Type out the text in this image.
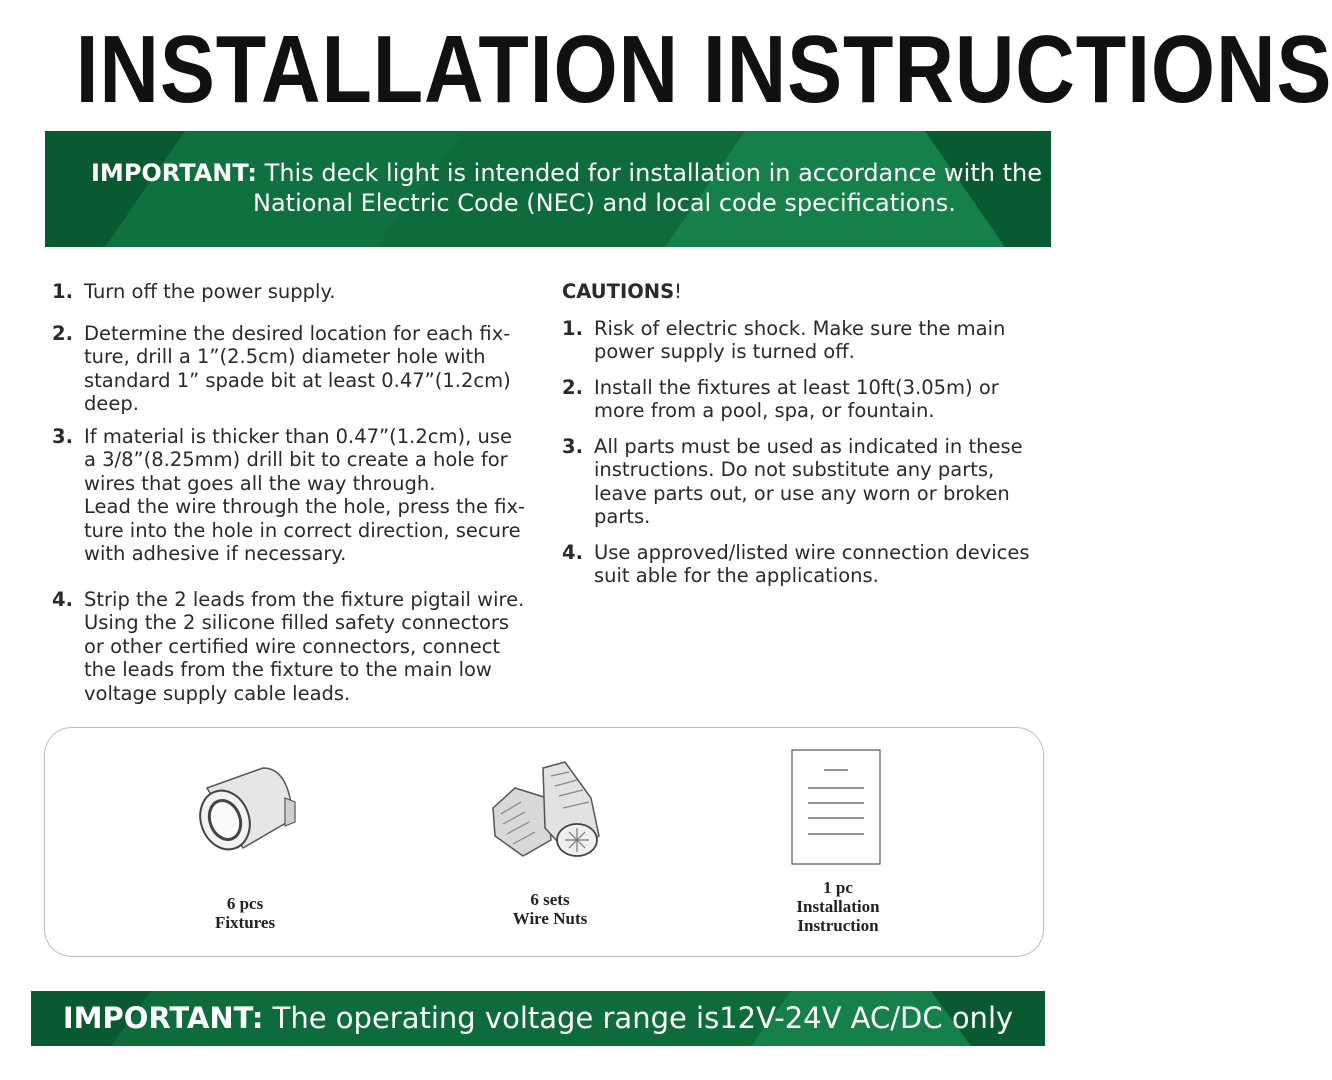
INSTALLATION INSTRUCTIONS
IMPORTANT: This deck light is intended for installation in accordance with the
National Electric Code (NEC) and local code specifications.
1. Turn off the power supply.
2. Determine the desired location for each fix-
ture, drill a 1”(2.5cm) diameter hole with
standard 1” spade bit at least 0.47”(1.2cm)
deep.
3. If material is thicker than 0.47”(1.2cm), use
a 3/8”(8.25mm) drill bit to create a hole for
wires that goes all the way through.
Lead the wire through the hole, press the fix-
ture into the hole in correct direction, secure
with adhesive if necessary.
4. Strip the 2 leads from the fixture pigtail wire.
Using the 2 silicone filled safety connectors
or other certified wire connectors, connect
the leads from the fixture to the main low
voltage supply cable leads.
CAUTIONS!
1. Risk of electric shock. Make sure the main
power supply is turned off.
2. Install the fixtures at least 10ft(3.05m) or
more from a pool, spa, or fountain.
3. All parts must be used as indicated in these
instructions. Do not substitute any parts,
leave parts out, or use any worn or broken
parts.
4. Use approved/listed wire connection devices
suit able for the applications.
6 pcs
Fixtures
6 sets
Wire Nuts
1 pc
Installation
Instruction
IMPORTANT: The operating voltage range is12V-24V AC/DC only
